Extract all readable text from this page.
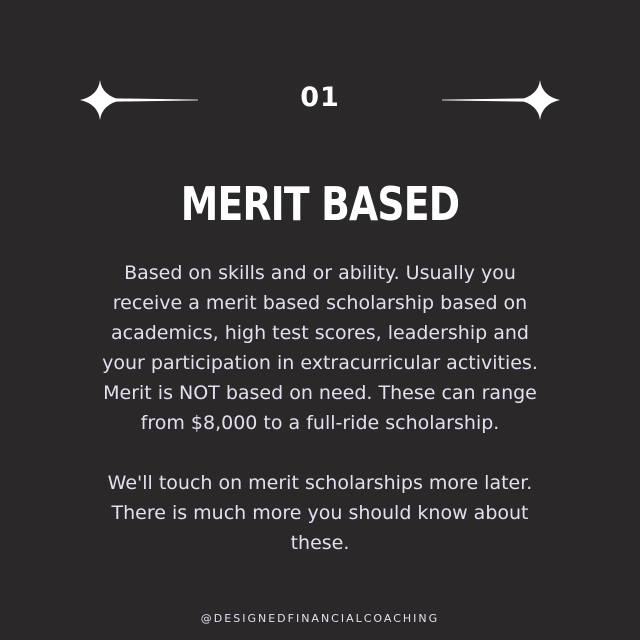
01
MERIT BASED

Based on skills and or ability. Usually you receive a merit based scholarship based on academics, high test scores, leadership and your participation in extracurricular activities. Merit is NOT based on need. These can range from $8,000 to a full-ride scholarship.

We'll touch on merit scholarships more later. There is much more you should know about these.

@DESIGNEDFINANCIALCOACHING
